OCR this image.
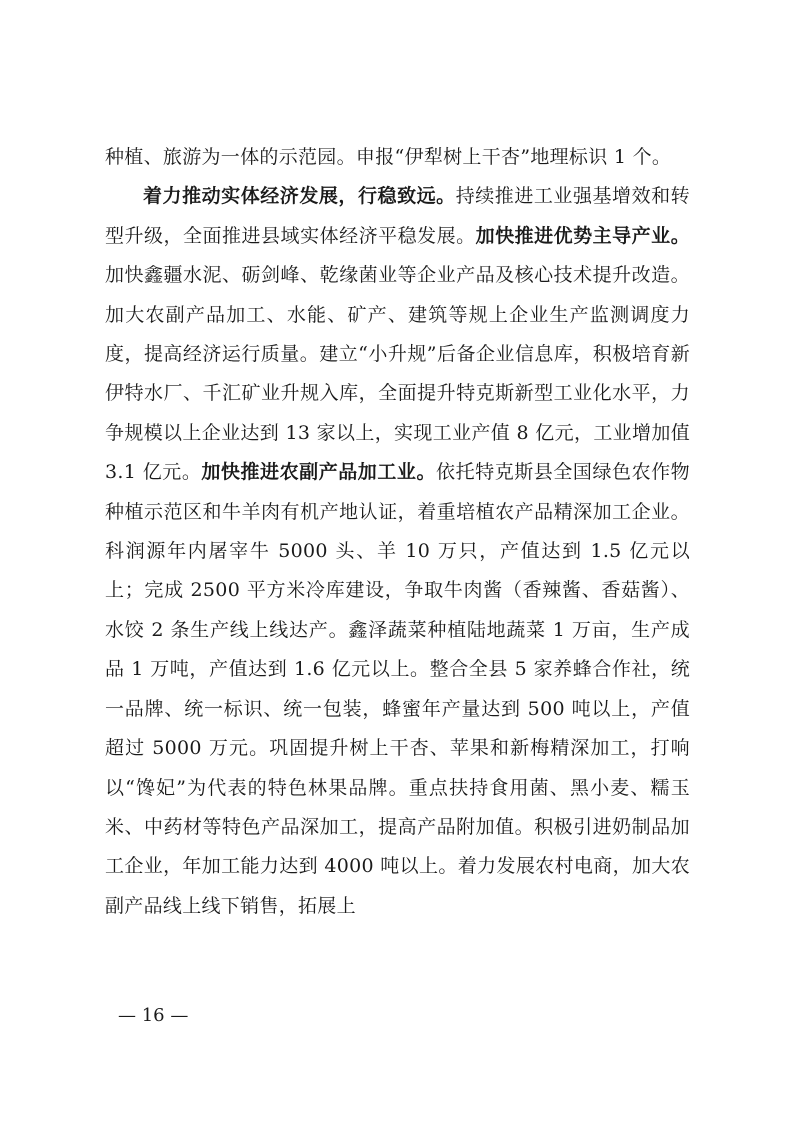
种植、旅游为一体的示范园。申报“伊犁树上干杏”地理标识 1 个。

着力推动实体经济发展，行稳致远。持续推进工业强基增效和转型升级，全面推进县域实体经济平稳发展。加快推进优势主导产业。加快鑫疆水泥、砺剑峰、乾缘菌业等企业产品及核心技术提升改造。加大农副产品加工、水能、矿产、建筑等规上企业生产监测调度力度，提高经济运行质量。建立“小升规”后备企业信息库，积极培育新伊特水厂、千汇矿业升规入库，全面提升特克斯新型工业化水平，力争规模以上企业达到 13 家以上，实现工业产值 8 亿元，工业增加值 3.1 亿元。加快推进农副产品加工业。依托特克斯县全国绿色农作物种植示范区和牛羊肉有机产地认证，着重培植农产品精深加工企业。科润源年内屠宰牛 5000 头、羊 10 万只，产值达到 1.5 亿元以上；完成 2500 平方米冷库建设，争取牛肉酱（香辣酱、香菇酱）、水饺 2 条生产线上线达产。鑫泽蔬菜种植陆地蔬菜 1 万亩，生产成品 1 万吨，产值达到 1.6 亿元以上。整合全县 5 家养蜂合作社，统一品牌、统一标识、统一包装，蜂蜜年产量达到 500 吨以上，产值超过 5000 万元。巩固提升树上干杏、苹果和新梅精深加工，打响以“馋妃”为代表的特色林果品牌。重点扶持食用菌、黑小麦、糯玉米、中药材等特色产品深加工，提高产品附加值。积极引进奶制品加工企业，年加工能力达到 4000 吨以上。着力发展农村电商，加大农副产品线上线下销售，拓展上

— 16 —
